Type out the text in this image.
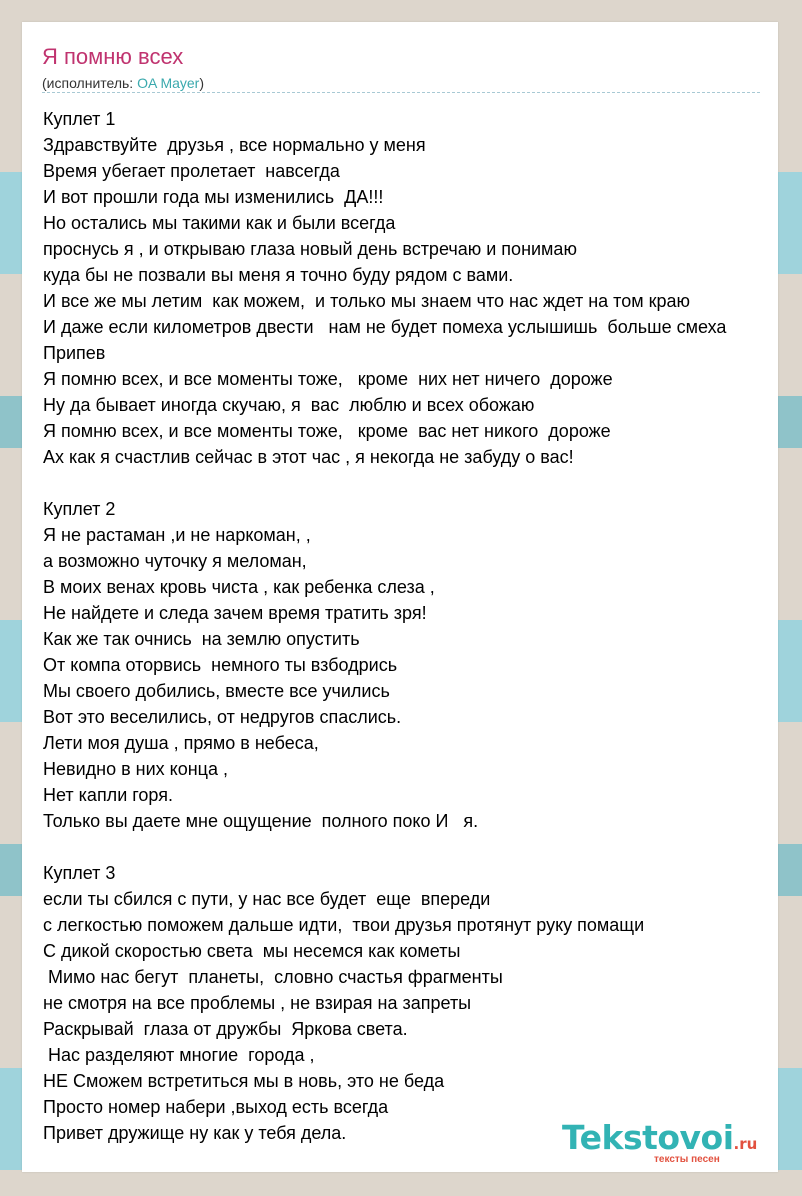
Я помню всех
(исполнитель: OA Mayer)
Куплет 1
Здравствуйте  друзья , все нормально у меня
Время убегает пролетает  навсегда
И вот прошли года мы изменились  ДА!!!
Но остались мы такими как и были всегда
проснусь я , и открываю глаза новый день встречаю и понимаю
куда бы не позвали вы меня я точно буду рядом с вами.
И все же мы летим  как можем,  и только мы знаем что нас ждет на том краю
И даже если километров двести   нам не будет помеха услышишь  больше смеха
Припев
Я помню всех, и все моменты тоже,   кроме  них нет ничего  дороже
Ну да бывает иногда скучаю, я  вас  люблю и всех обожаю
Я помню всех, и все моменты тоже,   кроме  вас нет никого  дороже
Ах как я счастлив сейчас в этот час , я некогда не забуду о вас!
Куплет 2
Я не растаман ,и не наркоман, ,
а возможно чуточку я меломан,
В моих венах кровь чиста , как ребенка слеза ,
Не найдете и следа зачем время тратить зря!
Как же так очнись  на землю опустить
От компа оторвись  немного ты взбодрись
Мы своего добились, вместе все учились
Вот это веселились, от недругов спаслись.
Лети моя душа , прямо в небеса,
Невидно в них конца ,
Нет капли горя.
Только вы даете мне ощущение  полного поко И   я.
Куплет 3
если ты сбился с пути, у нас все будет  еще  впереди
с легкостью поможем дальше идти,  твои друзья протянут руку помащи
С дикой скоростью света  мы несемся как кометы
Мимо нас бегут  планеты,  словно счастья фрагменты
не смотря на все проблемы , не взирая на запреты
Раскрывай  глаза от дружбы  Яркова света.
Нас разделяют многие  города ,
НЕ Сможем встретиться мы в новь, это не беда
Просто номер набери ,выход есть всегда
Привет дружище ну как у тебя дела.	Tekstovoi.ru
тексты песен
